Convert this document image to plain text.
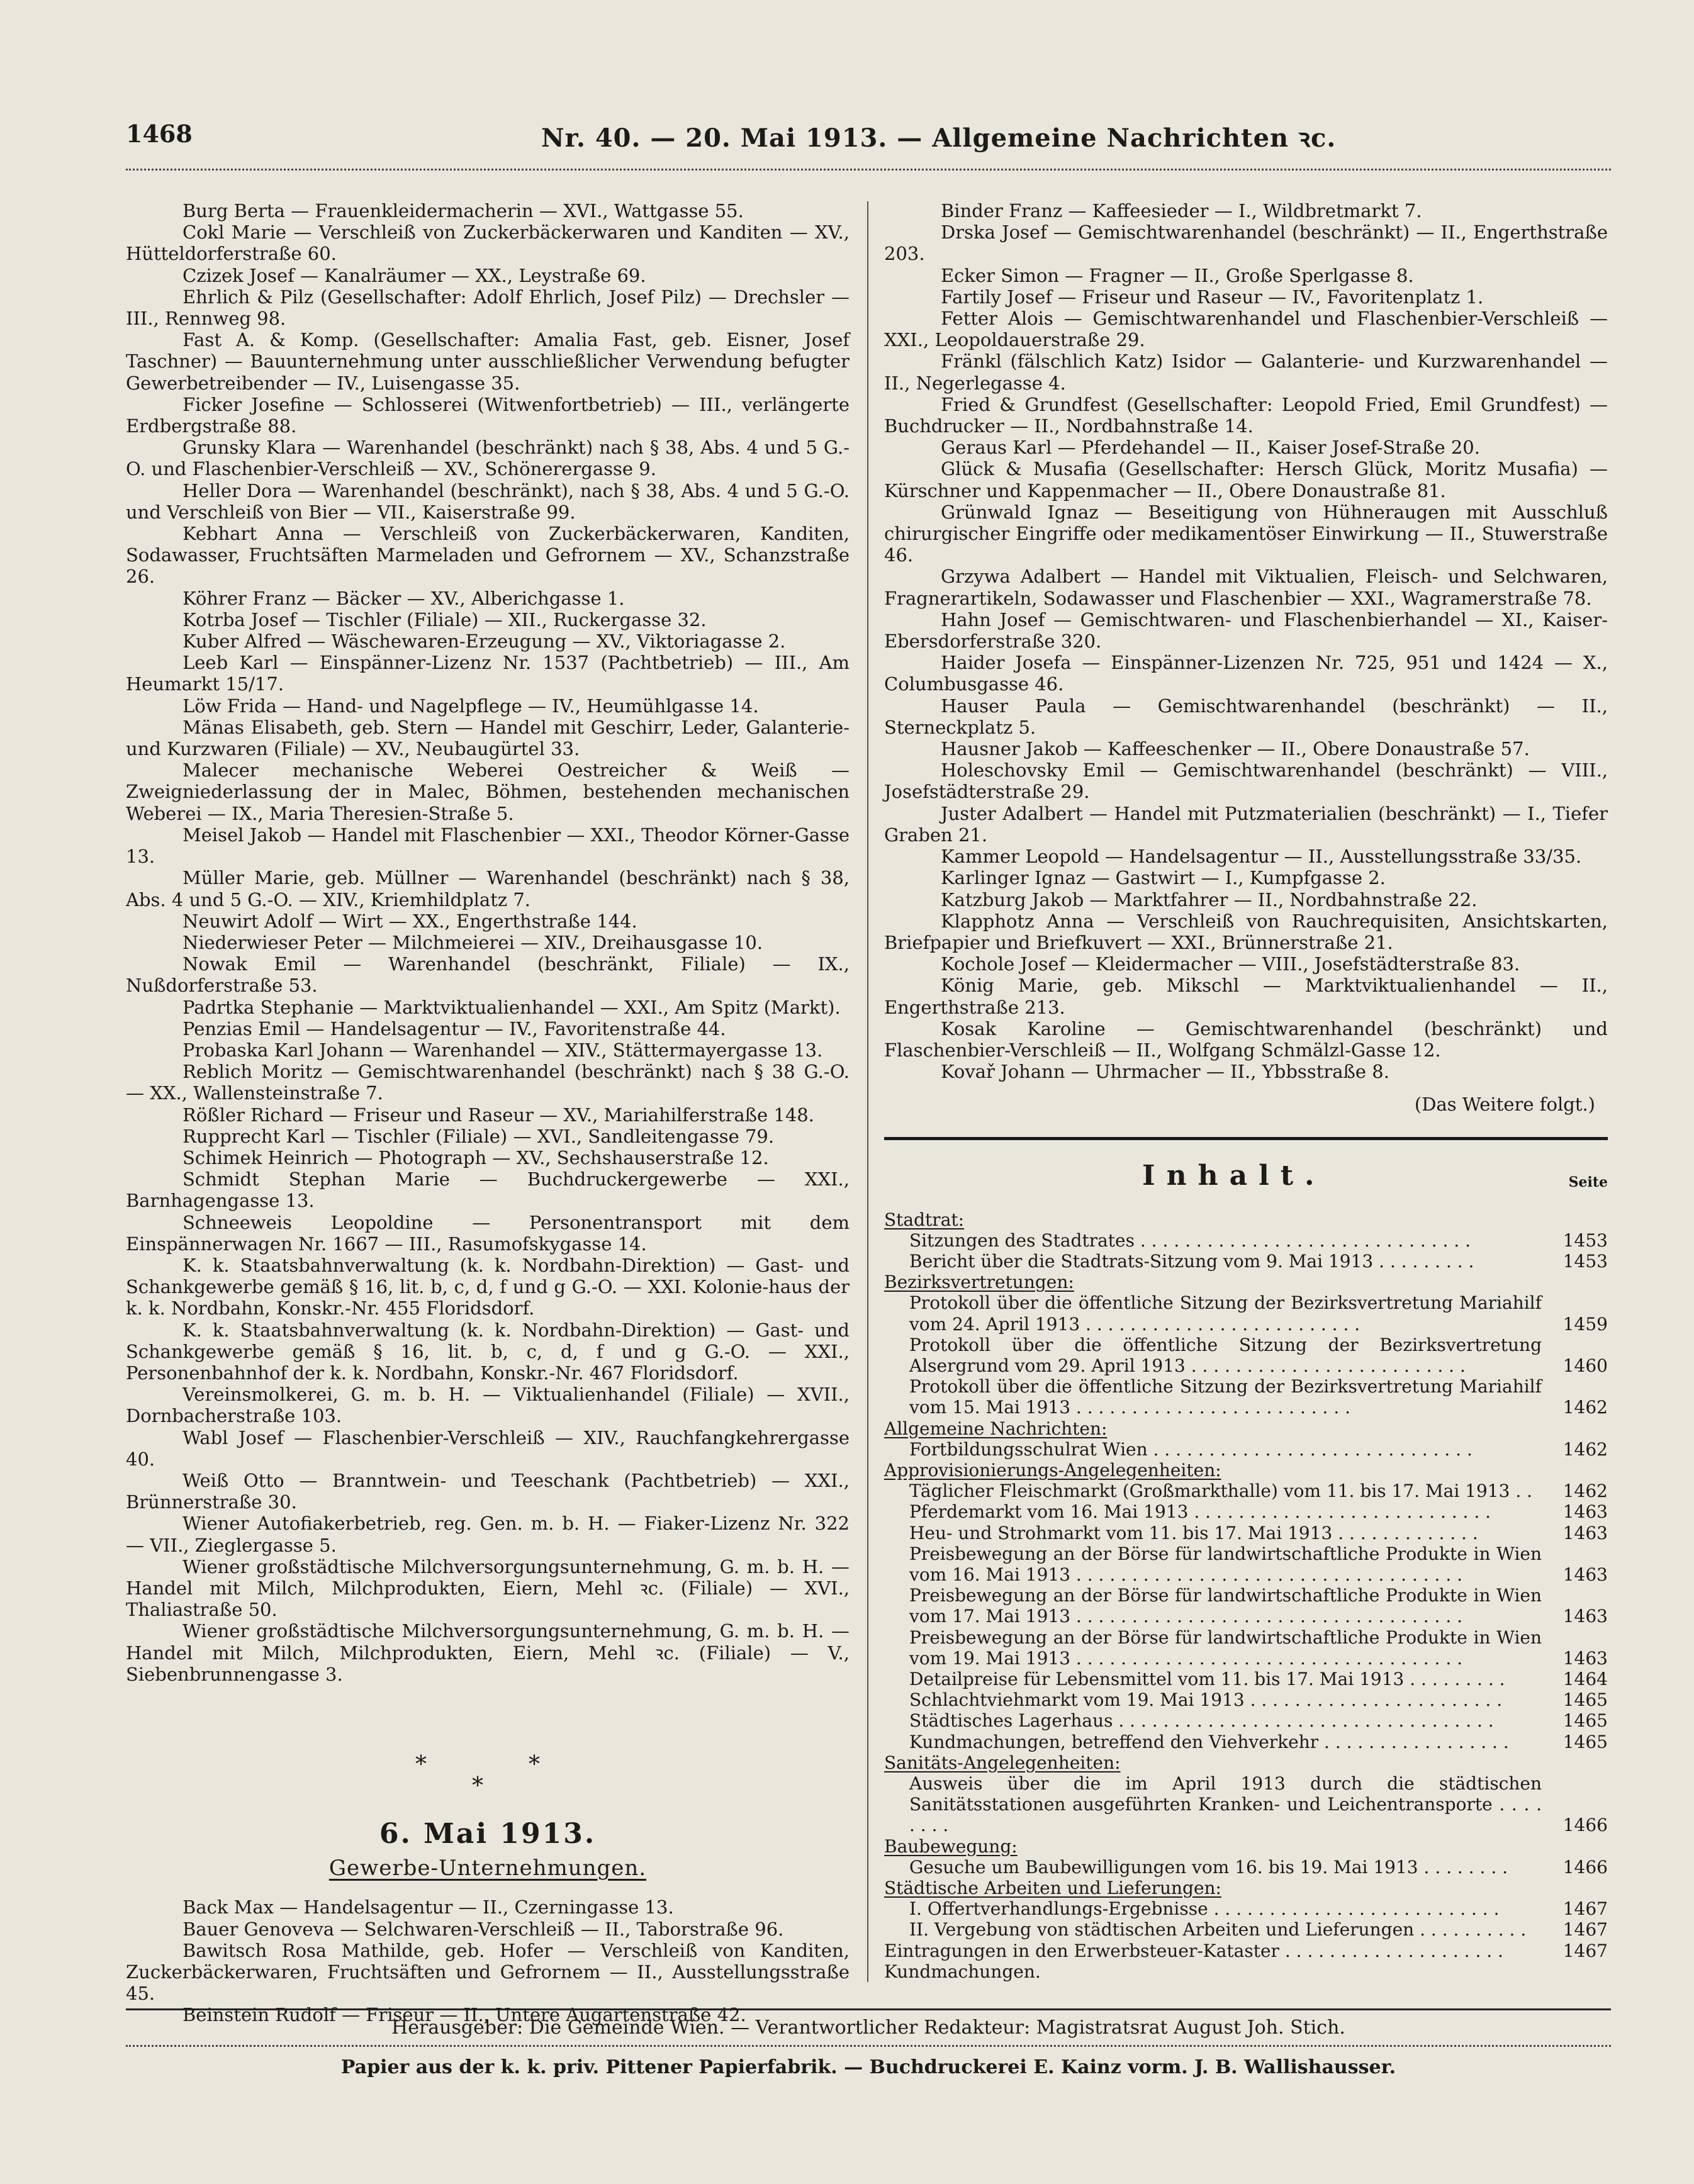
1468	Nr. 40. — 20. Mai 1913. — Allgemeine Nachrichten ꝛc.

Burg Berta — Frauenkleidermacherin — XVI., Wattgasse 55.

Cokl Marie — Verschleiß von Zuckerbäckerwaren und Kanditen — XV., Hütteldorferstraße 60.

Czizek Josef — Kanalräumer — XX., Leystraße 69.

Ehrlich & Pilz (Gesellschafter: Adolf Ehrlich, Josef Pilz) — Drechsler — III., Rennweg 98.

Fast A. & Komp. (Gesellschafter: Amalia Fast, geb. Eisner, Josef Taschner) — Bauunternehmung unter ausschließlicher Verwendung befugter Gewerbetreibender — IV., Luisengasse 35.

Ficker Josefine — Schlosserei (Witwenfortbetrieb) — III., verlängerte Erdbergstraße 88.

Grunsky Klara — Warenhandel (beschränkt) nach § 38, Abs. 4 und 5 G.-O. und Flaschenbier-Verschleiß — XV., Schönerergasse 9.

Heller Dora — Warenhandel (beschränkt), nach § 38, Abs. 4 und 5 G.-O. und Verschleiß von Bier — VII., Kaiserstraße 99.

Kebhart Anna — Verschleiß von Zuckerbäckerwaren, Kanditen, Sodawasser, Fruchtsäften Marmeladen und Gefrornem — XV., Schanzstraße 26.

Köhrer Franz — Bäcker — XV., Alberichgasse 1.

Kotrba Josef — Tischler (Filiale) — XII., Ruckergasse 32.

Kuber Alfred — Wäschewaren-Erzeugung — XV., Viktoriagasse 2.

Leeb Karl — Einspänner-Lizenz Nr. 1537 (Pachtbetrieb) — III., Am Heumarkt 15/17.

Löw Frida — Hand- und Nagelpflege — IV., Heumühlgasse 14.

Mänas Elisabeth, geb. Stern — Handel mit Geschirr, Leder, Galanterie- und Kurzwaren (Filiale) — XV., Neubaugürtel 33.

Malecer mechanische Weberei Oestreicher & Weiß — Zweigniederlassung der in Malec, Böhmen, bestehenden mechanischen Weberei — IX., Maria Theresien-Straße 5.

Meisel Jakob — Handel mit Flaschenbier — XXI., Theodor Körner-Gasse 13.

Müller Marie, geb. Müllner — Warenhandel (beschränkt) nach § 38, Abs. 4 und 5 G.-O. — XIV., Kriemhildplatz 7.

Neuwirt Adolf — Wirt — XX., Engerthstraße 144.

Niederwieser Peter — Milchmeierei — XIV., Dreihausgasse 10.

Nowak Emil — Warenhandel (beschränkt, Filiale) — IX., Nußdorferstraße 53.

Padrtka Stephanie — Marktviktualienhandel — XXI., Am Spitz (Markt).

Penzias Emil — Handelsagentur — IV., Favoritenstraße 44.

Probaska Karl Johann — Warenhandel — XIV., Stättermayergasse 13.

Reblich Moritz — Gemischtwarenhandel (beschränkt) nach § 38 G.-O. — XX., Wallensteinstraße 7.

Rößler Richard — Friseur und Raseur — XV., Mariahilferstraße 148.

Rupprecht Karl — Tischler (Filiale) — XVI., Sandleitengasse 79.

Schimek Heinrich — Photograph — XV., Sechshauserstraße 12.

Schmidt Stephan Marie — Buchdruckergewerbe — XXI., Barnhagengasse 13.

Schneeweis Leopoldine — Personentransport mit dem Einspännerwagen Nr. 1667 — III., Rasumofskygasse 14.

K. k. Staatsbahnverwaltung (k. k. Nordbahn-Direktion) — Gast- und Schankgewerbe gemäß § 16, lit. b, c, d, f und g G.-O. — XXI. Kolonie-haus der k. k. Nordbahn, Konskr.-Nr. 455 Floridsdorf.

K. k. Staatsbahnverwaltung (k. k. Nordbahn-Direktion) — Gast- und Schankgewerbe gemäß § 16, lit. b, c, d, f und g G.-O. — XXI., Personenbahnhof der k. k. Nordbahn, Konskr.-Nr. 467 Floridsdorf.

Vereinsmolkerei, G. m. b. H. — Viktualienhandel (Filiale) — XVII., Dornbacherstraße 103.

Wabl Josef — Flaschenbier-Verschleiß — XIV., Rauchfangkehrergasse 40.

Weiß Otto — Branntwein- und Teeschank (Pachtbetrieb) — XXI., Brünnerstraße 30.

Wiener Autofiakerbetrieb, reg. Gen. m. b. H. — Fiaker-Lizenz Nr. 322 — VII., Zieglergasse 5.

Wiener großstädtische Milchversorgungsunternehmung, G. m. b. H. — Handel mit Milch, Milchprodukten, Eiern, Mehl ꝛc. (Filiale) — XVI., Thaliastraße 50.

Wiener großstädtische Milchversorgungsunternehmung, G. m. b. H. — Handel mit Milch, Milchprodukten, Eiern, Mehl ꝛc. (Filiale) — V., Siebenbrunnengasse 3.

*	*
*
6. Mai 1913.
Gewerbe-Unternehmungen.

Back Max — Handelsagentur — II., Czerningasse 13.

Bauer Genoveva — Selchwaren-Verschleiß — II., Taborstraße 96.

Bawitsch Rosa Mathilde, geb. Hofer — Verschleiß von Kanditen, Zuckerbäckerwaren, Fruchtsäften und Gefrornem — II., Ausstellungsstraße 45.

Beinstein Rudolf — Friseur — II., Untere Augartenstraße 42.

Binder Franz — Kaffeesieder — I., Wildbretmarkt 7.

Drska Josef — Gemischtwarenhandel (beschränkt) — II., Engerthstraße 203.

Ecker Simon — Fragner — II., Große Sperlgasse 8.

Fartily Josef — Friseur und Raseur — IV., Favoritenplatz 1.

Fetter Alois — Gemischtwarenhandel und Flaschenbier-Verschleiß — XXI., Leopoldauerstraße 29.

Fränkl (fälschlich Katz) Isidor — Galanterie- und Kurzwarenhandel — II., Negerlegasse 4.

Fried & Grundfest (Gesellschafter: Leopold Fried, Emil Grundfest) — Buchdrucker — II., Nordbahnstraße 14.

Geraus Karl — Pferdehandel — II., Kaiser Josef-Straße 20.

Glück & Musafia (Gesellschafter: Hersch Glück, Moritz Musafia) — Kürschner und Kappenmacher — II., Obere Donaustraße 81.

Grünwald Ignaz — Beseitigung von Hühneraugen mit Ausschluß chirurgischer Eingriffe oder medikamentöser Einwirkung — II., Stuwerstraße 46.

Grzywa Adalbert — Handel mit Viktualien, Fleisch- und Selchwaren, Fragnerartikeln, Sodawasser und Flaschenbier — XXI., Wagramerstraße 78.

Hahn Josef — Gemischtwaren- und Flaschenbierhandel — XI., Kaiser-Ebersdorferstraße 320.

Haider Josefa — Einspänner-Lizenzen Nr. 725, 951 und 1424 — X., Columbusgasse 46.

Hauser Paula — Gemischtwarenhandel (beschränkt) — II., Sterneckplatz 5.

Hausner Jakob — Kaffeeschenker — II., Obere Donaustraße 57.

Holeschovsky Emil — Gemischtwarenhandel (beschränkt) — VIII., Josefstädterstraße 29.

Juster Adalbert — Handel mit Putzmaterialien (beschränkt) — I., Tiefer Graben 21.

Kammer Leopold — Handelsagentur — II., Ausstellungsstraße 33/35.

Karlinger Ignaz — Gastwirt — I., Kumpfgasse 2.

Katzburg Jakob — Marktfahrer — II., Nordbahnstraße 22.

Klapphotz Anna — Verschleiß von Rauchrequisiten, Ansichtskarten, Briefpapier und Briefkuvert — XXI., Brünnerstraße 21.

Kochole Josef — Kleidermacher — VIII., Josefstädterstraße 83.

König Marie, geb. Mikschl — Marktviktualienhandel — II., Engerthstraße 213.

Kosak Karoline — Gemischtwarenhandel (beschränkt) und Flaschenbier-Verschleiß — II., Wolfgang Schmälzl-Gasse 12.

Kovař Johann — Uhrmacher — II., Ybbsstraße 8.

(Das Weitere folgt.)
Inhalt.	Seite
Stadtrat:
Sitzungen des Stadtrates . . . . . . . . . . . . . . . . . . . . . . . . . . . . . .	1453
Bericht über die Stadtrats-Sitzung vom 9. Mai 1913 . . . . . . . . .	1453
Bezirksvertretungen:
Protokoll über die öffentliche Sitzung der Bezirksvertretung Mariahilf vom 24. April 1913 . . . . . . . . . . . . . . . . . . . . . . . . .	1459
Protokoll über die öffentliche Sitzung der Bezirksvertretung Alsergrund vom 29. April 1913 . . . . . . . . . . . . . . . . . . . . . . . . .	1460
Protokoll über die öffentliche Sitzung der Bezirksvertretung Mariahilf vom 15. Mai 1913 . . . . . . . . . . . . . . . . . . . . . . . . .	1462
Allgemeine Nachrichten:
Fortbildungsschulrat Wien . . . . . . . . . . . . . . . . . . . . . . . . . . . . .	1462
Approvisionierungs-Angelegenheiten:
Täglicher Fleischmarkt (Großmarkthalle) vom 11. bis 17. Mai 1913 . .	1462
Pferdemarkt vom 16. Mai 1913 . . . . . . . . . . . . . . . . . . . . . . . . . . .	1463
Heu- und Strohmarkt vom 11. bis 17. Mai 1913 . . . . . . . . . . . . .	1463
Preisbewegung an der Börse für landwirtschaftliche Produkte in Wien vom 16. Mai 1913 . . . . . . . . . . . . . . . . . . . . . . . . . . . . . . . . . . .	1463
Preisbewegung an der Börse für landwirtschaftliche Produkte in Wien vom 17. Mai 1913 . . . . . . . . . . . . . . . . . . . . . . . . . . . . . . . . . . .	1463
Preisbewegung an der Börse für landwirtschaftliche Produkte in Wien vom 19. Mai 1913 . . . . . . . . . . . . . . . . . . . . . . . . . . . . . . . . . . .	1463
Detailpreise für Lebensmittel vom 11. bis 17. Mai 1913 . . . . . . . . .	1464
Schlachtviehmarkt vom 19. Mai 1913 . . . . . . . . . . . . . . . . . . . . . . .	1465
Städtisches Lagerhaus . . . . . . . . . . . . . . . . . . . . . . . . . . . . . . . . . .	1465
Kundmachungen, betreffend den Viehverkehr . . . . . . . . . . . . . . . . .	1465
Sanitäts-Angelegenheiten:
Ausweis über die im April 1913 durch die städtischen Sanitätsstationen ausgeführten Kranken- und Leichentransporte . . . . . . . .	1466
Baubewegung:
Gesuche um Baubewilligungen vom 16. bis 19. Mai 1913 . . . . . . . .	1466
Städtische Arbeiten und Lieferungen:
I. Offertverhandlungs-Ergebnisse . . . . . . . . . . . . . . . . . . . . . . . . . .	1467
II. Vergebung von städtischen Arbeiten und Lieferungen . . . . . . . . . .	1467
Eintragungen in den Erwerbsteuer-Kataster . . . . . . . . . . . . . . . . . . . .	1467
Kundmachungen.
Herausgeber: Die Gemeinde Wien. — Verantwortlicher Redakteur: Magistratsrat August Joh. Stich.
Papier aus der k. k. priv. Pittener Papierfabrik. — Buchdruckerei E. Kainz vorm. J. B. Wallishausser.
